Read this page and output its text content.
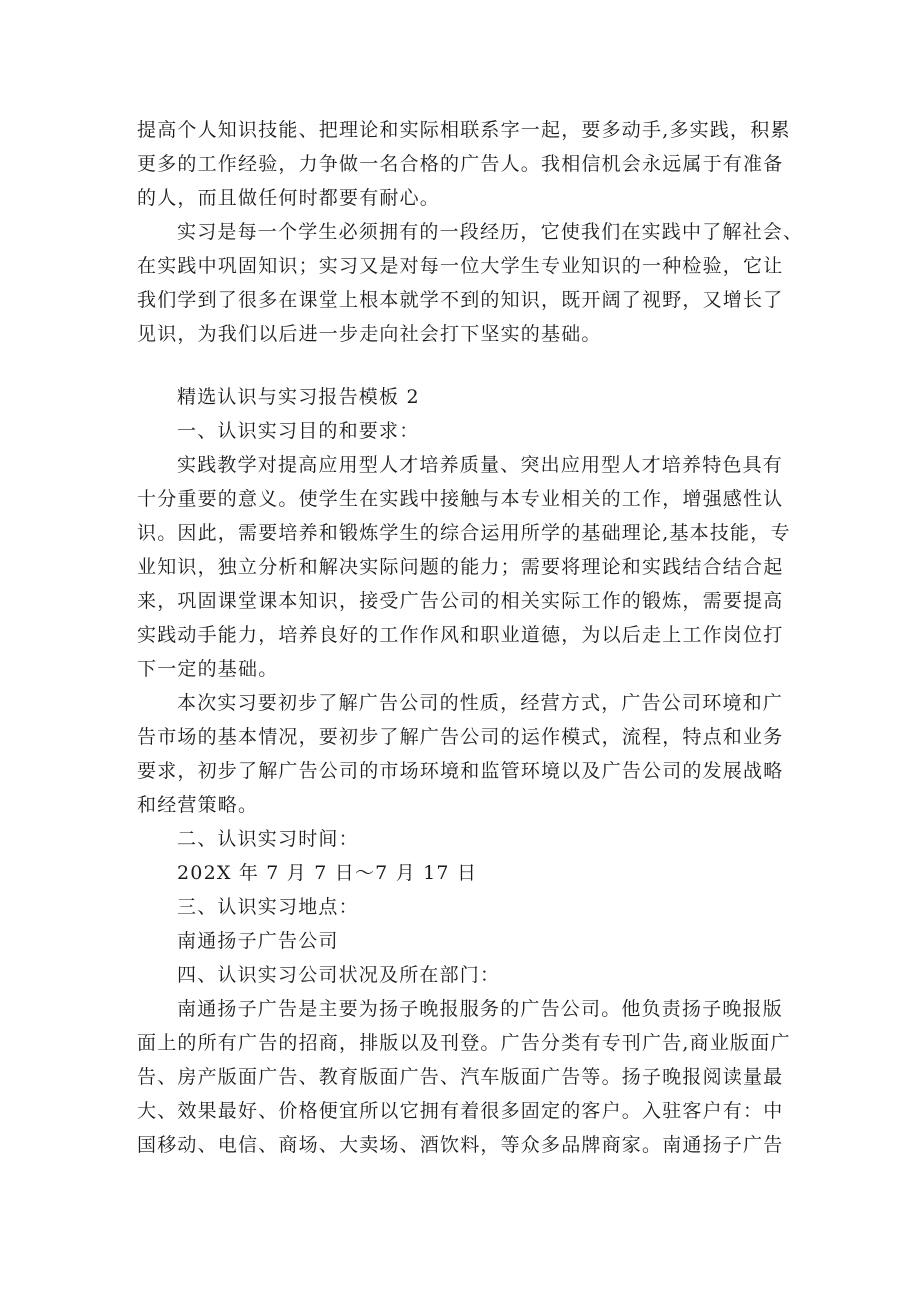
提高个人知识技能、把理论和实际相联系字一起，要多动手,多实践，积累
更多的工作经验，力争做一名合格的广告人。我相信机会永远属于有准备
的人，而且做任何时都要有耐心。
实习是每一个学生必须拥有的一段经历，它使我们在实践中了解社会、
在实践中巩固知识；实习又是对每一位大学生专业知识的一种检验，它让
我们学到了很多在课堂上根本就学不到的知识，既开阔了视野，又增长了
见识，为我们以后进一步走向社会打下坚实的基础。
精选认识与实习报告模板 2
一、认识实习目的和要求：
实践教学对提高应用型人才培养质量、突出应用型人才培养特色具有
十分重要的意义。使学生在实践中接触与本专业相关的工作，增强感性认
识。因此，需要培养和锻炼学生的综合运用所学的基础理论,基本技能，专
业知识，独立分析和解决实际问题的能力；需要将理论和实践结合结合起
来，巩固课堂课本知识，接受广告公司的相关实际工作的锻炼，需要提高
实践动手能力，培养良好的工作作风和职业道德，为以后走上工作岗位打
下一定的基础。
本次实习要初步了解广告公司的性质，经营方式，广告公司环境和广
告市场的基本情况，要初步了解广告公司的运作模式，流程，特点和业务
要求，初步了解广告公司的市场环境和监管环境以及广告公司的发展战略
和经营策略。
二、认识实习时间：
202X 年 7 月 7 日～7 月 17 日
三、认识实习地点：
南通扬子广告公司
四、认识实习公司状况及所在部门：
南通扬子广告是主要为扬子晚报服务的广告公司。他负责扬子晚报版
面上的所有广告的招商，排版以及刊登。广告分类有专刊广告,商业版面广
告、房产版面广告、教育版面广告、汽车版面广告等。扬子晚报阅读量最
大、效果最好、价格便宜所以它拥有着很多固定的客户。入驻客户有：中
国移动、电信、商场、大卖场、酒饮料，等众多品牌商家。南通扬子广告
